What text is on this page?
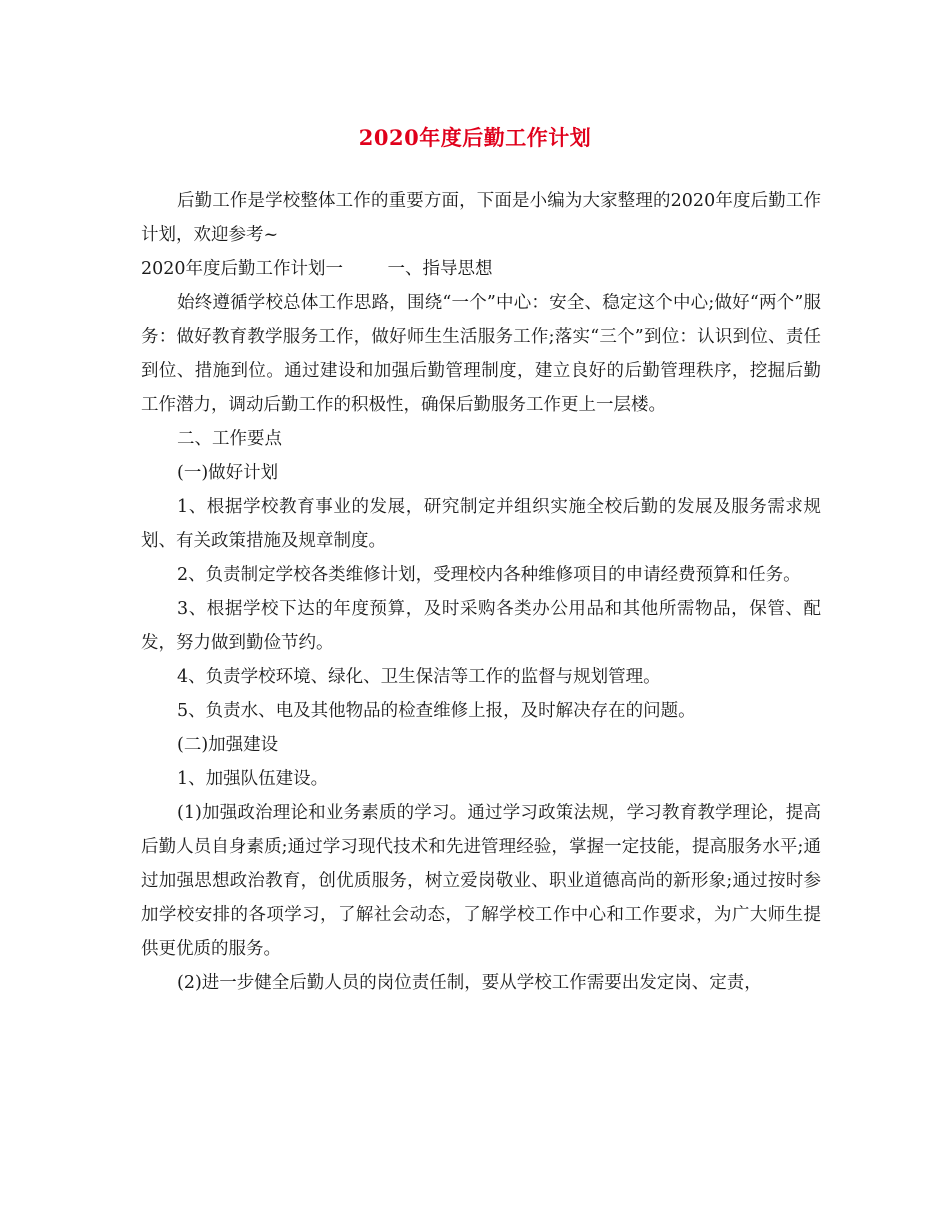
2020年度后勤工作计划

后勤工作是学校整体工作的重要方面，下面是小编为大家整理的2020年度后勤工作计划，欢迎参考~

2020年度后勤工作计划一        一、指导思想

始终遵循学校总体工作思路，围绕“一个”中心：安全、稳定这个中心;做好“两个”服务：做好教育教学服务工作，做好师生生活服务工作;落实“三个”到位：认识到位、责任到位、措施到位。通过建设和加强后勤管理制度，建立良好的后勤管理秩序，挖掘后勤工作潜力，调动后勤工作的积极性，确保后勤服务工作更上一层楼。

二、工作要点

(一)做好计划

1、根据学校教育事业的发展，研究制定并组织实施全校后勤的发展及服务需求规划、有关政策措施及规章制度。

2、负责制定学校各类维修计划，受理校内各种维修项目的申请经费预算和任务。

3、根据学校下达的年度预算，及时采购各类办公用品和其他所需物品，保管、配发，努力做到勤俭节约。

4、负责学校环境、绿化、卫生保洁等工作的监督与规划管理。

5、负责水、电及其他物品的检查维修上报，及时解决存在的问题。

(二)加强建设

1、加强队伍建设。

(1)加强政治理论和业务素质的学习。通过学习政策法规，学习教育教学理论，提高后勤人员自身素质;通过学习现代技术和先进管理经验，掌握一定技能，提高服务水平;通过加强思想政治教育，创优质服务，树立爱岗敬业、职业道德高尚的新形象;通过按时参加学校安排的各项学习，了解社会动态，了解学校工作中心和工作要求，为广大师生提供更优质的服务。

(2)进一步健全后勤人员的岗位责任制，要从学校工作需要出发定岗、定责，
